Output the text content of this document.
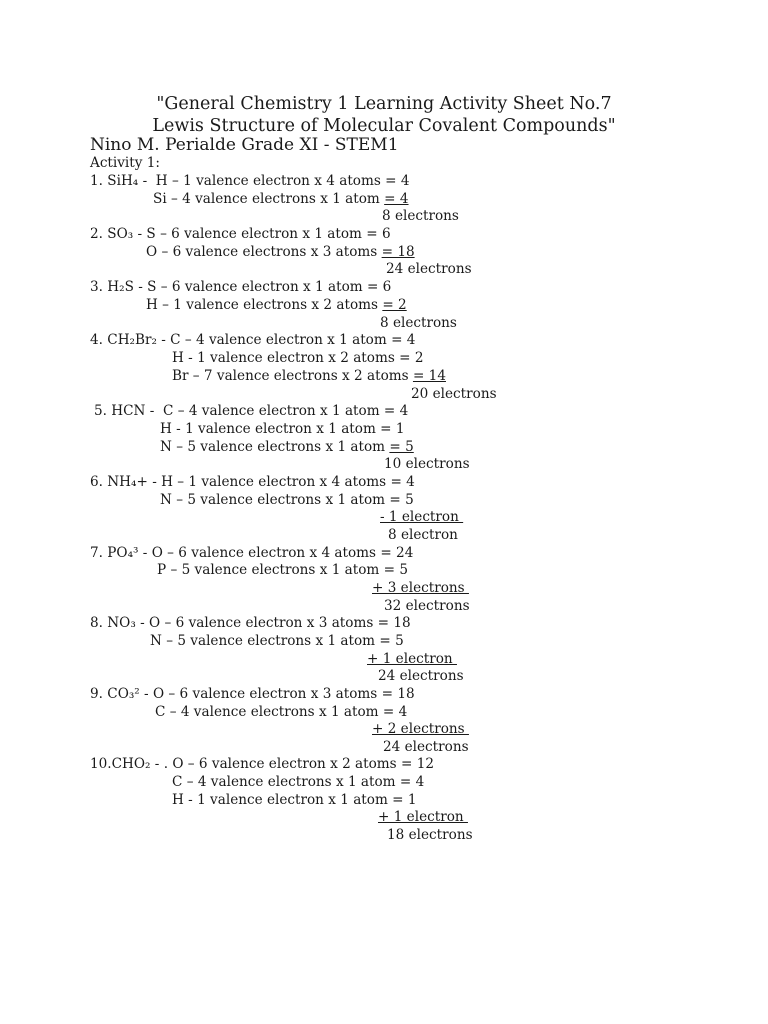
"General Chemistry 1 Learning Activity Sheet No.7
Lewis Structure of Molecular Covalent Compounds"
Nino M. Perialde Grade XI - STEM1
Activity 1:
1. SiH₄ -  H – 1 valence electron x 4 atoms = 4
Si – 4 valence electrons x 1 atom = 4
8 electrons
2. SO₃ - S – 6 valence electron x 1 atom = 6
O – 6 valence electrons x 3 atoms = 18
24 electrons
3. H₂S - S – 6 valence electron x 1 atom = 6
H – 1 valence electrons x 2 atoms = 2
8 electrons
4. CH₂Br₂ - C – 4 valence electron x 1 atom = 4
H - 1 valence electron x 2 atoms = 2
Br – 7 valence electrons x 2 atoms = 14
20 electrons
5. HCN -  C – 4 valence electron x 1 atom = 4
H - 1 valence electron x 1 atom = 1
N – 5 valence electrons x 1 atom = 5
10 electrons
6. NH₄+ - H – 1 valence electron x 4 atoms = 4
N – 5 valence electrons x 1 atom = 5
- 1 electron
8 electron
7. PO₄³ - O – 6 valence electron x 4 atoms = 24
P – 5 valence electrons x 1 atom = 5
+ 3 electrons
32 electrons
8. NO₃ - O – 6 valence electron x 3 atoms = 18
N – 5 valence electrons x 1 atom = 5
+ 1 electron
24 electrons
9. CO₃² - O – 6 valence electron x 3 atoms = 18
C – 4 valence electrons x 1 atom = 4
+ 2 electrons
24 electrons
10.CHO₂ - . O – 6 valence electron x 2 atoms = 12
C – 4 valence electrons x 1 atom = 4
H - 1 valence electron x 1 atom = 1
+ 1 electron
18 electrons
